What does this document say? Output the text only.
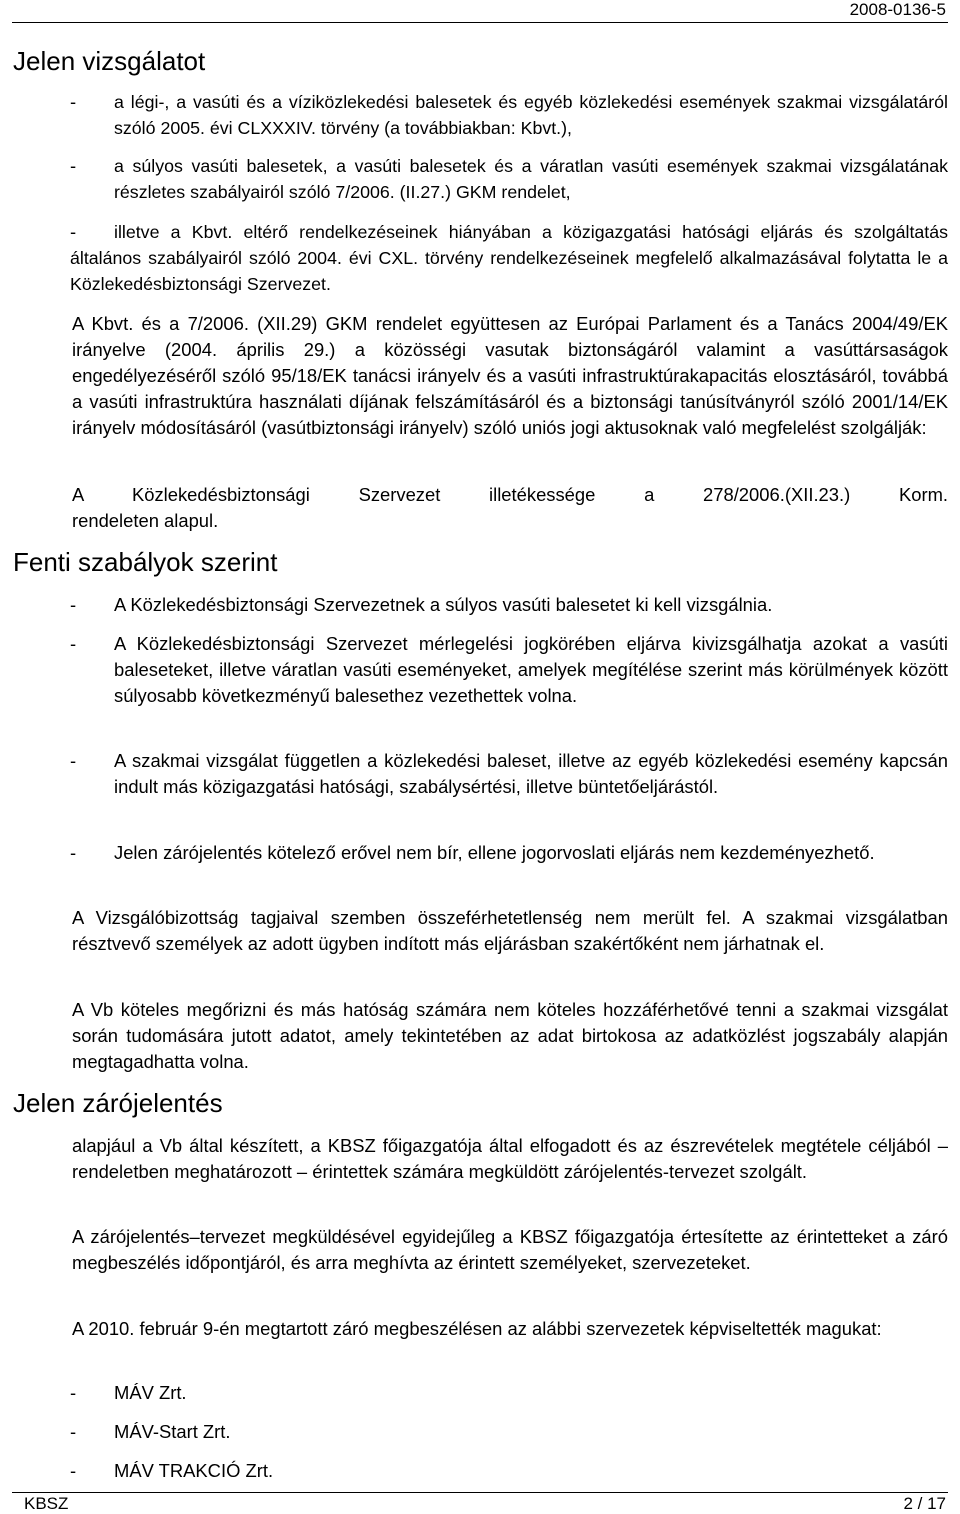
2008-0136-5
Jelen vizsgálatot
- a légi-, a vasúti és a víziközlekedési balesetek és egyéb közlekedési események szakmai vizsgálatáról szóló 2005. évi CLXXXIV. törvény (a továbbiakban: Kbvt.),
- a súlyos vasúti balesetek, a vasúti balesetek és a váratlan vasúti események szakmai vizsgálatának részletes szabályairól szóló 7/2006. (II.27.) GKM rendelet,
-	illetve a Kbvt. eltérő rendelkezéseinek hiányában a közigazgatási hatósági eljárás és szolgáltatás általános szabályairól szóló 2004. évi CXL. törvény rendelkezéseinek megfelelő alkalmazásával folytatta le a Közlekedésbiztonsági Szervezet.

A Kbvt. és a 7/2006. (XII.29) GKM rendelet együttesen az Európai Parlament és a Tanács 2004/49/EK irányelve (2004. április 29.) a közösségi vasutak biztonságáról valamint a vasúttársaságok engedélyezéséről szóló 95/18/EK tanácsi irányelv és a vasúti infrastruktúrakapacitás elosztásáról, továbbá a vasúti infrastruktúra használati díjának felszámításáról és a biztonsági tanúsítványról szóló 2001/14/EK irányelv módosításáról (vasútbiztonsági irányelv) szóló uniós jogi aktusoknak való megfelelést szolgálják:

A Közlekedésbiztonsági Szervezet illetékessége a 278/2006.(XII.23.) Korm.

rendeleten alapul.

Fenti szabályok szerint
- A Közlekedésbiztonsági Szervezetnek a súlyos vasúti balesetet ki kell vizsgálnia.
- A Közlekedésbiztonsági Szervezet mérlegelési jogkörében eljárva kivizsgálhatja azokat a vasúti baleseteket, illetve váratlan vasúti eseményeket, amelyek megítélése szerint más körülmények között súlyosabb következményű balesethez vezethettek volna.
- A szakmai vizsgálat független a közlekedési baleset, illetve az egyéb közlekedési esemény kapcsán indult más közigazgatási hatósági, szabálysértési, illetve büntetőeljárástól.
- Jelen zárójelentés kötelező erővel nem bír, ellene jogorvoslati eljárás nem kezdeményezhető.

A Vizsgálóbizottság tagjaival szemben összeférhetetlenség nem merült fel. A szakmai vizsgálatban résztvevő személyek az adott ügyben indított más eljárásban szakértőként nem járhatnak el.

A Vb köteles megőrizni és más hatóság számára nem köteles hozzáférhetővé tenni a szakmai vizsgálat során tudomására jutott adatot, amely tekintetében az adat birtokosa az adatközlést jogszabály alapján megtagadhatta volna.

Jelen zárójelentés

alapjául a Vb által készített, a KBSZ főigazgatója által elfogadott és az észrevételek megtétele céljából – rendeletben meghatározott – érintettek számára megküldött zárójelentés-tervezet szolgált.

A zárójelentés–tervezet megküldésével egyidejűleg a KBSZ főigazgatója értesítette az érintetteket a záró megbeszélés időpontjáról, és arra meghívta az érintett személyeket, szervezeteket.

A 2010. február 9-én megtartott záró megbeszélésen az alábbi szervezetek képviseltették magukat:

- MÁV Zrt.
- MÁV-Start Zrt.
- MÁV TRAKCIÓ Zrt.
KBSZ	2 / 17
